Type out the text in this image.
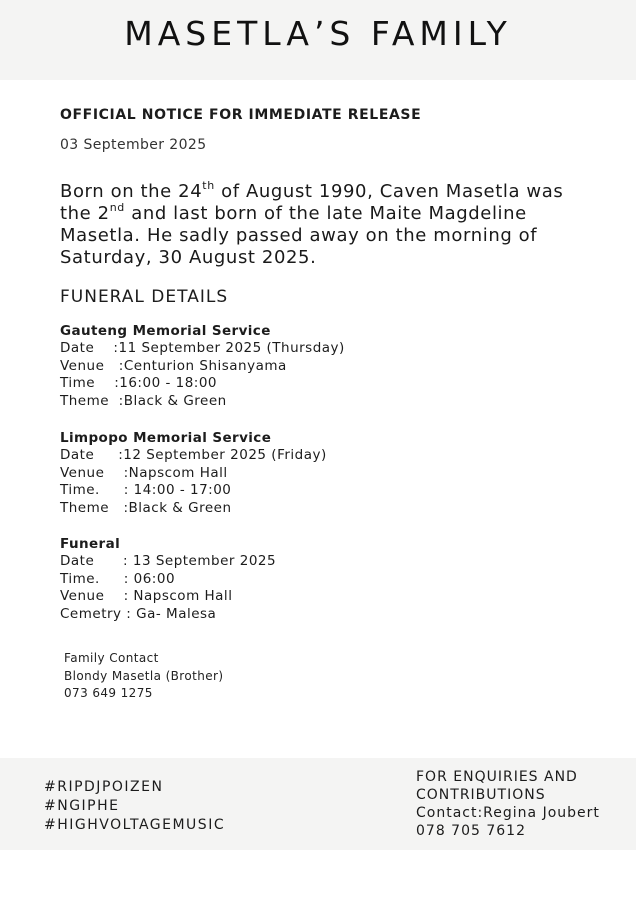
MASETLA’S FAMILY
OFFICIAL NOTICE FOR IMMEDIATE RELEASE
03 September 2025
Born on the 24th of August 1990, Caven Masetla was the 2nd and last born of the late Maite Magdeline Masetla. He sadly passed away on the morning of Saturday, 30 August 2025.
FUNERAL DETAILS
Gauteng Memorial Service
Date    :11 September 2025 (Thursday)
Venue   :Centurion Shisanyama
Time    :16:00 - 18:00
Theme  :Black & Green
Limpopo Memorial Service
Date     :12 September 2025 (Friday)
Venue    :Napscom Hall
Time.     : 14:00 - 17:00
Theme   :Black & Green
Funeral
Date      : 13 September 2025
Time.     : 06:00
Venue    : Napscom Hall
Cemetry : Ga- Malesa
Family Contact
Blondy Masetla (Brother)
073 649 1275
#RIPDJPOIZEN
#NGIPHE
#HIGHVOLTAGEMUSIC
FOR ENQUIRIES AND
CONTRIBUTIONS
Contact:Regina Joubert
078 705 7612
